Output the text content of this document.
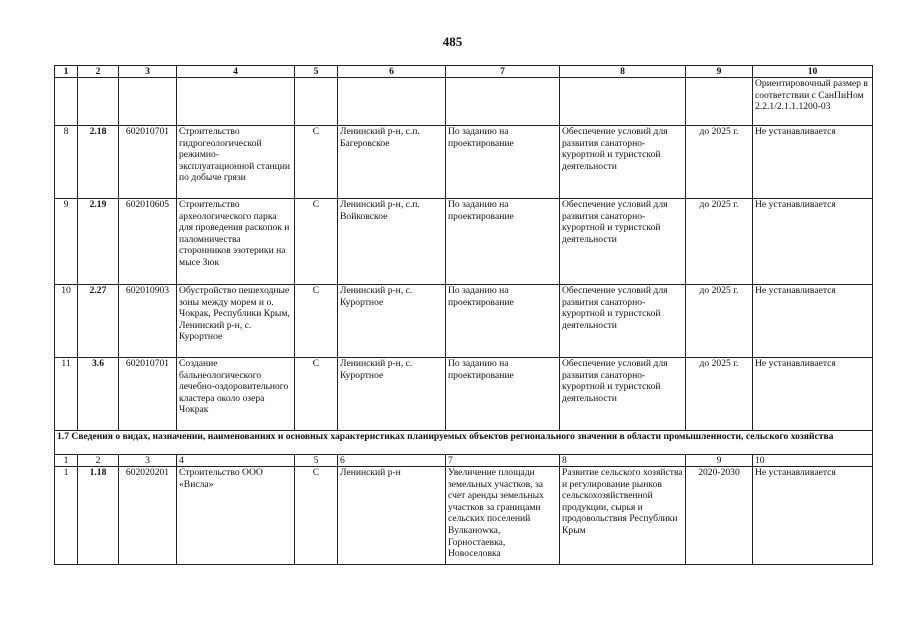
485
1	2	3	4	5	6	7	8	9	10
									Ориентировочный размер в соответствии с СанПиНом 2.2.1/2.1.1.1200-03
8	2.18	602010701	Строительство гидрогеологической режимно-эксплуатационной станции по добыче грязи	С	Ленинский р-н, с.п. Багеровское	По заданию на проектирование	Обеспечение условий для развития санаторно-курортной и туристской деятельности	до 2025 г.	Не устанавливается
9	2.19	602010605	Строительство археологического парка для проведения раскопок и паломничества сторонников эзотерики на мысе Зюк	С	Ленинский р-н, с.п. Войковское	По заданию на проектирование	Обеспечение условий для развития санаторно-курортной и туристской деятельности	до 2025 г.	Не устанавливается
10	2.27	602010903	Обустройство пешеходные зоны между морем и о. Чокрак, Республики Крым, Ленинский р-н, с. Курортное	С	Ленинский р-н, с. Курортное	По заданию на проектирование	Обеспечение условий для развития санаторно-курортной и туристской деятельности	до 2025 г.	Не устанавливается
11	3.6	602010701	Создание бальнеологического лечебно-оздоровительного кластера около озера Чокрак	С	Ленинский р-н, с. Курортное	По заданию на проектирование	Обеспечение условий для развития санаторно-курортной и туристской деятельности	до 2025 г.	Не устанавливается
1.7 Сведения о видах, назначении, наименованиях и основных характеристиках планируемых объектов регионального значения в области промышленности, сельского хозяйства									
1	2	3	4	5	6	7	8	9	10
1	1.18	602020201	Строительство ООО «Висла»	С	Ленинский р-н	Увеличение площади земельных участков, за счет аренды земельных участков за границами сельских поселений Вулканowка, Горностаевка, Новоселовка	Развитие сельского хозяйства и регулирование рынков сельскохозяйственной продукции, сырья и продовольствия Республики Крым	2020-2030	Не устанавливается
